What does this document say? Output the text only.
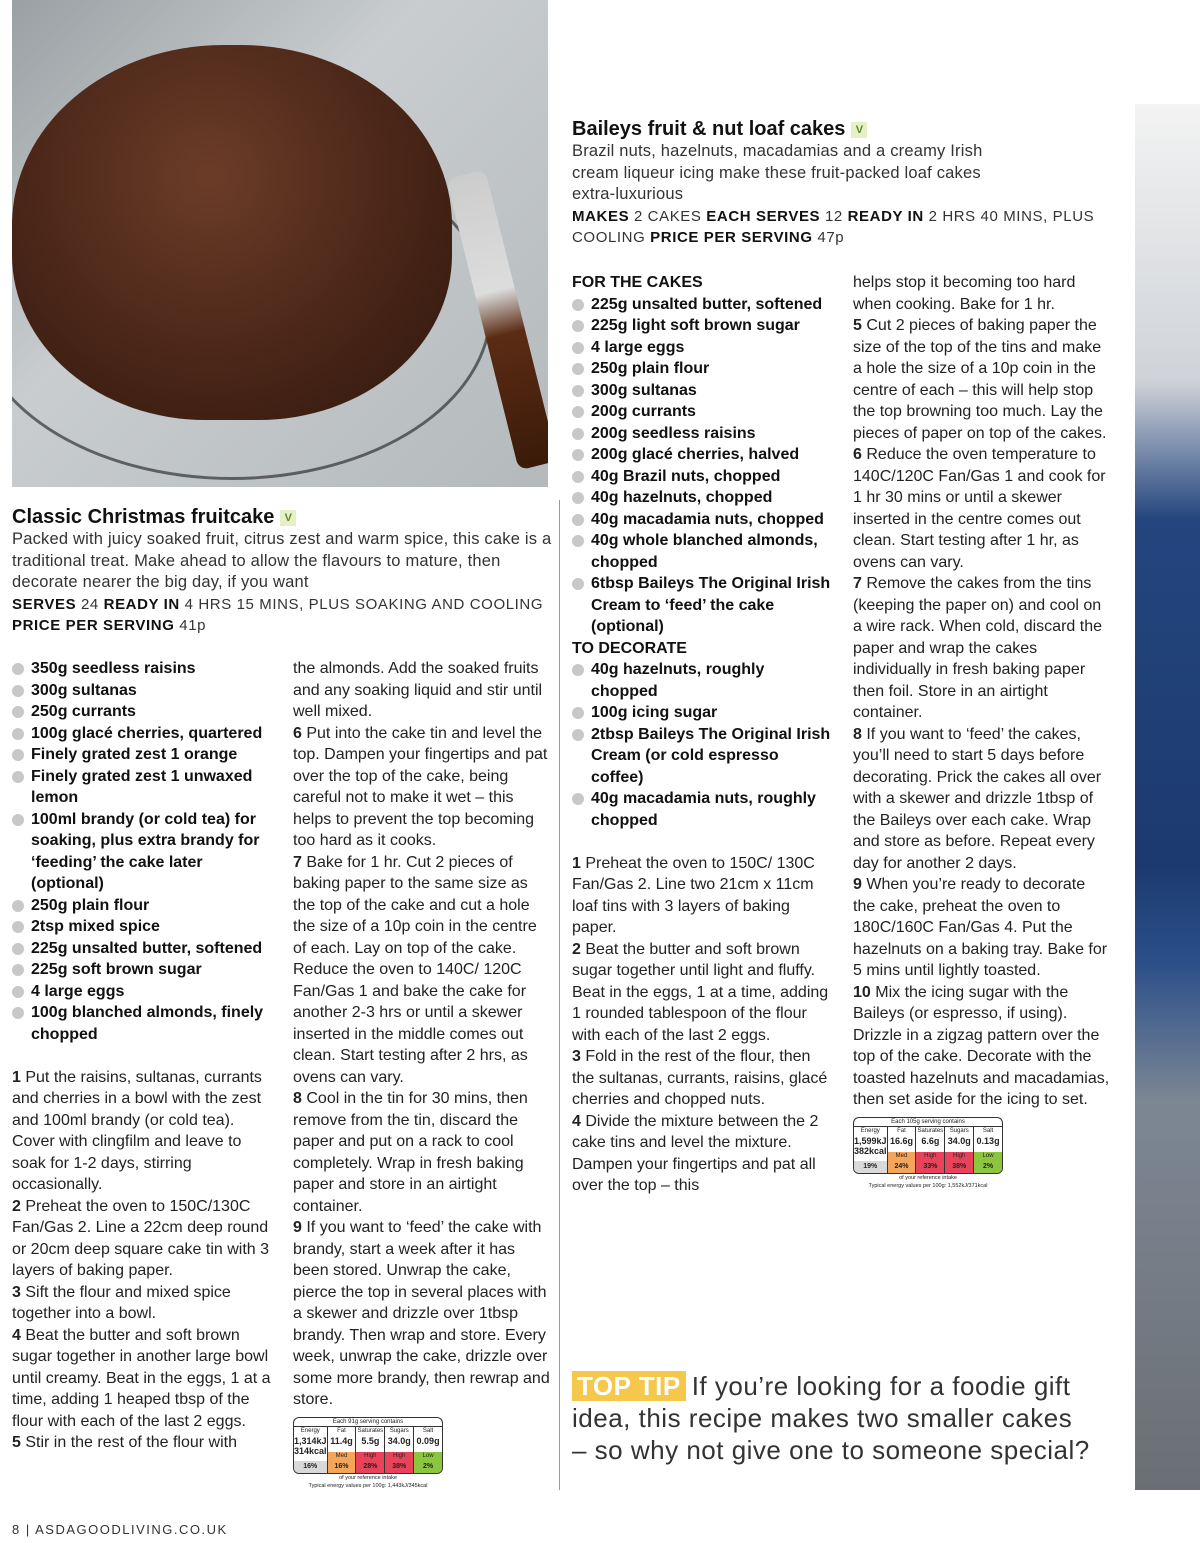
Classic Christmas fruitcake V

Packed with juicy soaked fruit, citrus zest and warm spice, this cake is a traditional treat. Make ahead to allow the flavours to mature, then decorate nearer the big day, if you want

SERVES 24 READY IN 4 HRS 15 MINS, PLUS SOAKING AND COOLING PRICE PER SERVING 41p

350g seedless raisins
300g sultanas
250g currants
100g glacé cherries, quartered
Finely grated zest 1 orange
Finely grated zest 1 unwaxed lemon
100ml brandy (or cold tea) for soaking, plus extra brandy for ‘feeding’ the cake later (optional)
250g plain flour
2tsp mixed spice
225g unsalted butter, softened
225g soft brown sugar
4 large eggs
100g blanched almonds, finely chopped
1 Put the raisins, sultanas, currants and cherries in a bowl with the zest and 100ml brandy (or cold tea). Cover with clingfilm and leave to soak for 1-2 days, stirring occasionally.
2 Preheat the oven to 150C/130C Fan/Gas 2. Line a 22cm deep round or 20cm deep square cake tin with 3 layers of baking paper.
3 Sift the flour and mixed spice together into a bowl.
4 Beat the butter and soft brown sugar together in another large bowl until creamy. Beat in the eggs, 1 at a time, adding 1 heaped tbsp of the flour with each of the last 2 eggs.
5 Stir in the rest of the flour with
the almonds. Add the soaked fruits and any soaking liquid and stir until well mixed.
6 Put into the cake tin and level the top. Dampen your fingertips and pat over the top of the cake, being careful not to make it wet – this helps to prevent the top becoming too hard as it cooks.
7 Bake for 1 hr. Cut 2 pieces of baking paper to the same size as the top of the cake and cut a hole the size of a 10p coin in the centre of each. Lay on top of the cake. Reduce the oven to 140C/ 120C Fan/Gas 1 and bake the cake for another 2-3 hrs or until a skewer inserted in the middle comes out clean. Start testing after 2 hrs, as ovens can vary.
8 Cool in the tin for 30 mins, then remove from the tin, discard the paper and put on a rack to cool completely. Wrap in fresh baking paper and store in an airtight container.
9 If you want to ‘feed’ the cake with brandy, start a week after it has been stored. Unwrap the cake, pierce the top in several places with a skewer and drizzle over 1tbsp brandy. Then wrap and store. Every week, unwrap the cake, drizzle over some more brandy, then rewrap and store.
Each 91g serving contains
Energy
1,314kJ 314kcal
16%
Fat
11.4g
Med
16%
Saturates
5.5g
High
28%
Sugars
34.0g
High
38%
Salt
0.09g
Low
2%
of your reference intake
Typical energy values per 100g: 1,443kJ/345kcal
Baileys fruit & nut loaf cakes V

Brazil nuts, hazelnuts, macadamias and a creamy Irish cream liqueur icing make these fruit-packed loaf cakes extra-luxurious

MAKES 2 CAKES EACH SERVES 12 READY IN 2 HRS 40 MINS, PLUS COOLING PRICE PER SERVING 47p

FOR THE CAKES
225g unsalted butter, softened
225g light soft brown sugar
4 large eggs
250g plain flour
300g sultanas
200g currants
200g seedless raisins
200g glacé cherries, halved
40g Brazil nuts, chopped
40g hazelnuts, chopped
40g macadamia nuts, chopped
40g whole blanched almonds, chopped
6tbsp Baileys The Original Irish Cream to ‘feed’ the cake (optional)
TO DECORATE
40g hazelnuts, roughly chopped
100g icing sugar
2tbsp Baileys The Original Irish Cream (or cold espresso coffee)
40g macadamia nuts, roughly chopped
1 Preheat the oven to 150C/ 130C Fan/Gas 2. Line two 21cm x 11cm loaf tins with 3 layers of baking paper.
2 Beat the butter and soft brown sugar together until light and fluffy. Beat in the eggs, 1 at a time, adding 1 rounded tablespoon of the flour with each of the last 2 eggs.
3 Fold in the rest of the flour, then the sultanas, currants, raisins, glacé cherries and chopped nuts.
4 Divide the mixture between the 2 cake tins and level the mixture. Dampen your fingertips and pat all over the top – this
helps stop it becoming too hard when cooking. Bake for 1 hr.
5 Cut 2 pieces of baking paper the size of the top of the tins and make a hole the size of a 10p coin in the centre of each – this will help stop the top browning too much. Lay the pieces of paper on top of the cakes.
6 Reduce the oven temperature to 140C/120C Fan/Gas 1 and cook for 1 hr 30 mins or until a skewer inserted in the centre comes out clean. Start testing after 1 hr, as ovens can vary.
7 Remove the cakes from the tins (keeping the paper on) and cool on a wire rack. When cold, discard the paper and wrap the cakes individually in fresh baking paper then foil. Store in an airtight container.
8 If you want to ‘feed’ the cakes, you’ll need to start 5 days before decorating. Prick the cakes all over with a skewer and drizzle 1tbsp of the Baileys over each cake. Wrap and store as before. Repeat every day for another 2 days.
9 When you’re ready to decorate the cake, preheat the oven to 180C/160C Fan/Gas 4. Put the hazelnuts on a baking tray. Bake for 5 mins until lightly toasted.
10 Mix the icing sugar with the Baileys (or espresso, if using). Drizzle in a zigzag pattern over the top of the cake. Decorate with the toasted hazelnuts and macadamias, then set aside for the icing to set.
Each 105g serving contains
Energy
1,599kJ 382kcal
19%
Fat
16.6g
Med
24%
Saturates
6.6g
High
33%
Sugars
34.0g
High
38%
Salt
0.13g
Low
2%
of your reference intake
Typical energy values per 100g: 1,552kJ/371kcal
TOP TIP If you’re looking for a foodie gift idea, this recipe makes two smaller cakes – so why not give one to someone special?
8 | ASDAGOODLIVING.CO.UK
